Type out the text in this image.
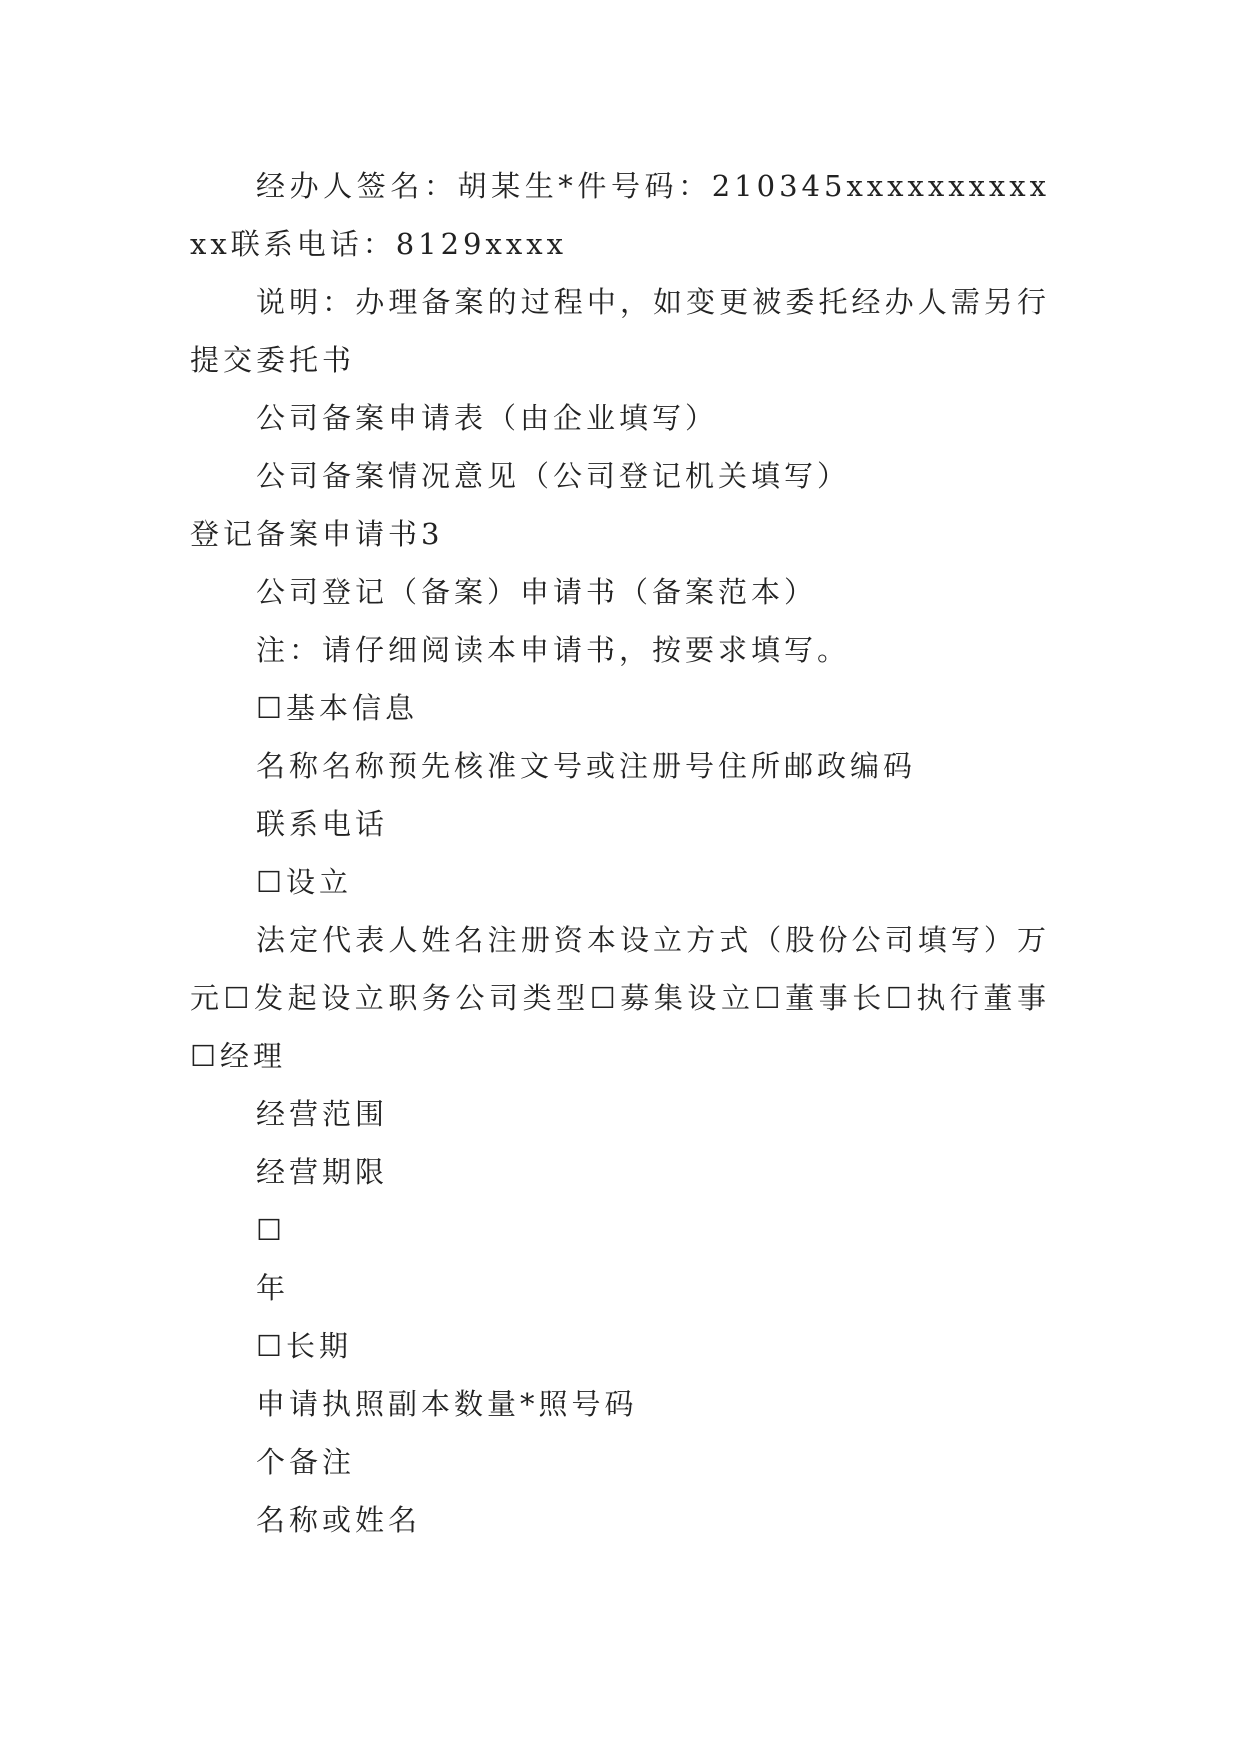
经办人签名：胡某生*件号码：210345xxxxxxxxxxxx联系电话：8129xxxx

说明：办理备案的过程中，如变更被委托经办人需另行提交委托书

公司备案申请表（由企业填写）

公司备案情况意见（公司登记机关填写）

登记备案申请书3

公司登记（备案）申请书（备案范本）

注：请仔细阅读本申请书，按要求填写。

☐基本信息

名称名称预先核准文号或注册号住所邮政编码

联系电话

☐设立

法定代表人姓名注册资本设立方式（股份公司填写）万元☐发起设立职务公司类型☐募集设立☐董事长☐执行董事☐经理

经营范围

经营期限

☐

年

☐长期

申请执照副本数量*照号码

个备注

名称或姓名
